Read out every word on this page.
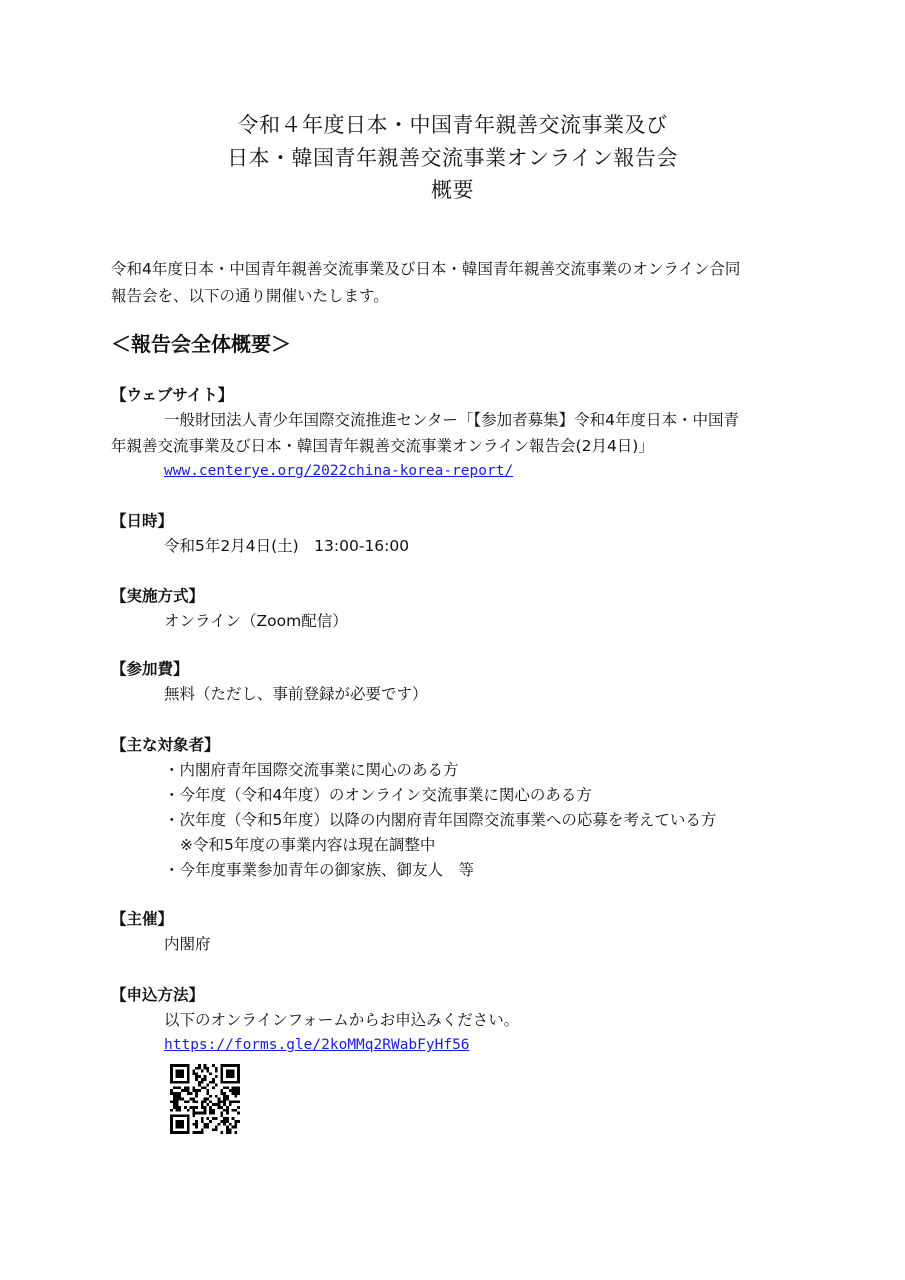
令和４年度日本・中国青年親善交流事業及び
日本・韓国青年親善交流事業オンライン報告会
概要
令和4年度日本・中国青年親善交流事業及び日本・韓国青年親善交流事業のオンライン合同
報告会を、以下の通り開催いたします。
＜報告会全体概要＞
【ウェブサイト】
一般財団法人青少年国際交流推進センター「【参加者募集】令和4年度日本・中国青
年親善交流事業及び日本・韓国青年親善交流事業オンライン報告会(2月4日)」
www.centerye.org/2022china-korea-report/
【日時】
令和5年2月4日(土)　13:00-16:00
【実施方式】
オンライン（Zoom配信）
【参加費】
無料（ただし、事前登録が必要です）
【主な対象者】
・内閣府青年国際交流事業に関心のある方
・今年度（令和4年度）のオンライン交流事業に関心のある方
・次年度（令和5年度）以降の内閣府青年国際交流事業への応募を考えている方
※令和5年度の事業内容は現在調整中
・今年度事業参加青年の御家族、御友人　等
【主催】
内閣府
【申込方法】
以下のオンラインフォームからお申込みください。
https://forms.gle/2koMMq2RWabFyHf56
